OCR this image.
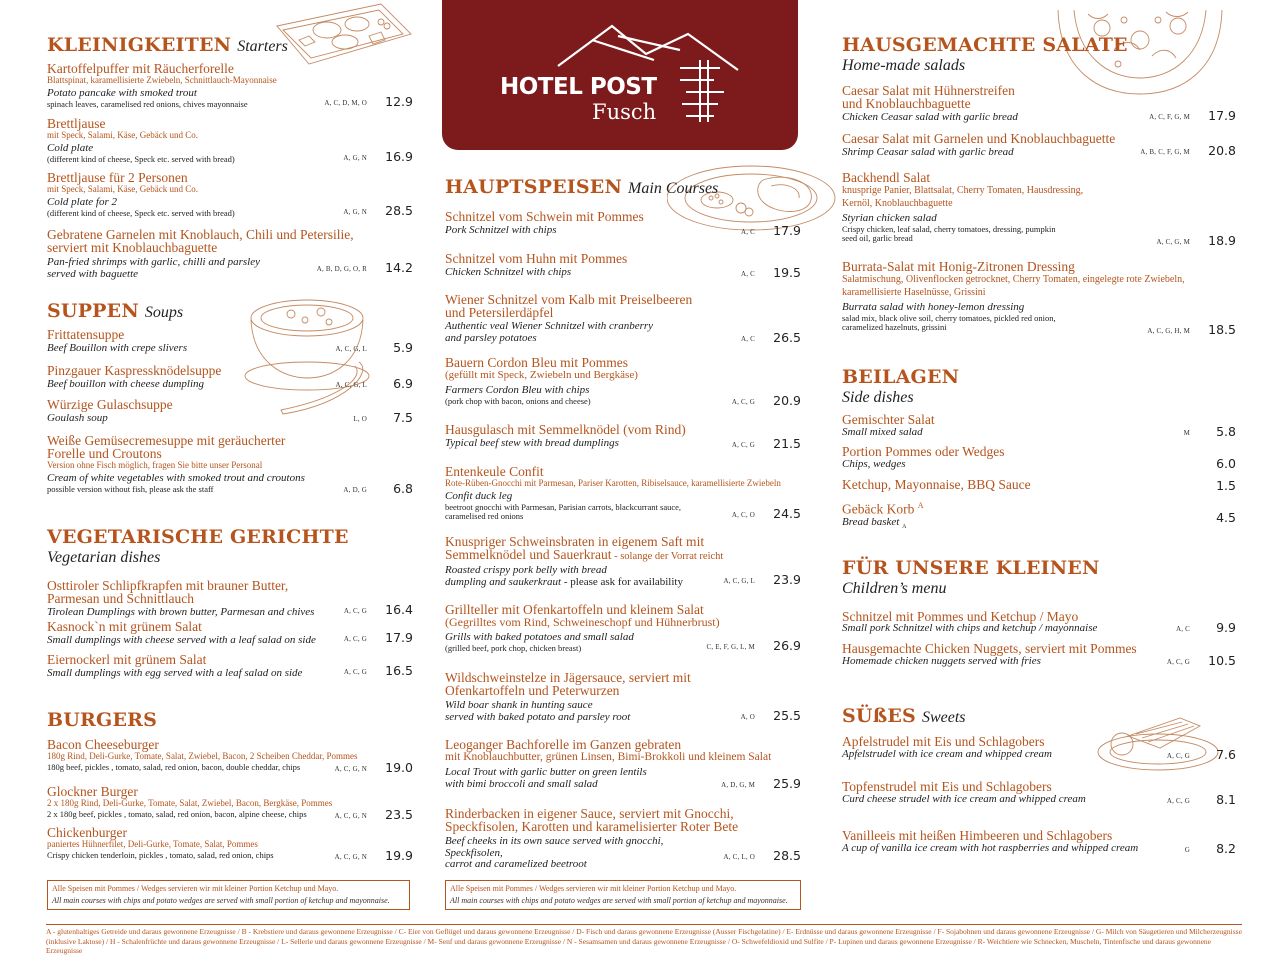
KLEINIGKEITEN Starters
Kartoffelpuffer mit Räucherforelle
Blattspinat, karamellisierte Zwiebeln, Schnittlauch-Mayonnaise
Potato pancake with smoked trout
spinach leaves, caramelised red onions, chives mayonnaise	A, C, D, M, O 12.9
Brettljause
mit Speck, Salami, Käse, Gebäck und Co.
Cold plate
(different kind of cheese, Speck etc. served with bread)	A, G, N 16.9
Brettljause für 2 Personen
mit Speck, Salami, Käse, Gebäck und Co.
Cold plate for 2
(different kind of cheese, Speck etc. served with bread)	A, G, N 28.5
Gebratene Garnelen mit Knoblauch, Chili und Petersilie,
serviert mit Knoblauchbaguette
Pan-fried shrimps with garlic, chilli and parsley
served with baguette	A, B, D, G, O, R 14.2
SUPPEN Soups
Frittatensuppe
Beef Bouillon with crepe slivers	A, C, G, L 5.9
Pinzgauer Kaspressknödelsuppe
Beef bouillon with cheese dumpling	A, C, G, L 6.9
Würzige Gulaschsuppe
Goulash soup	L, O 7.5
Weiße Gemüsecremesuppe mit geräucherter
Forelle und Croutons
Version ohne Fisch möglich, fragen Sie bitte unser Personal
Cream of white vegetables with smoked trout and croutons
possible version without fish, please ask the staff	A, D, G 6.8
VEGETARISCHE GERICHTE
Vegetarian dishes
Osttiroler Schlipfkrapfen mit brauner Butter,
Parmesan und Schnittlauch
Tirolean Dumplings with brown butter, Parmesan and chives	A, C, G 16.4
Kasnock`n mit grünem Salat
Small dumplings with cheese served with a leaf salad on side	A, C, G 17.9
Eiernockerl mit grünem Salat
Small dumplings with egg served with a leaf salad on side	A, C, G 16.5
BURGERS
Bacon Cheeseburger
180g Rind, Deli-Gurke, Tomate, Salat, Zwiebel, Bacon, 2 Scheiben Cheddar, Pommes
180g beef, pickles , tomato, salad, red onion, bacon, double cheddar, chips	A, C, G, N 19.0
Glockner Burger
2 x 180g Rind, Deli-Gurke, Tomate, Salat, Zwiebel, Bacon, Bergkäse, Pommes
2 x 180g beef, pickles , tomato, salad, red onion, bacon, alpine cheese, chips	A, C, G, N 23.5
Chickenburger
paniertes Hühnerfilet, Deli-Gurke, Tomate, Salat, Pommes
Crispy chicken tenderloin, pickles , tomato, salad, red onion, chips	A, C, G, N 19.9
Alle Speisen mit Pommes / Wedges servieren wir mit kleiner Portion Ketchup und Mayo.
All main courses with chips and potato wedges are served with small portion of ketchup and mayonnaise.
HOTEL POST
Fusch
HAUPTSPEISEN Main Courses
Schnitzel vom Schwein mit Pommes
Pork Schnitzel with chips	A, C 17.9
Schnitzel vom Huhn mit Pommes
Chicken Schnitzel with chips	A, C 19.5
Wiener Schnitzel vom Kalb mit Preiselbeeren
und Petersilerdäpfel
Authentic veal Wiener Schnitzel with cranberry
and parsley potatoes	A, C 26.5
Bauern Cordon Bleu mit Pommes
(gefüllt mit Speck, Zwiebeln und Bergkäse)
Farmers Cordon Bleu with chips
(pork chop with bacon, onions and cheese)	A, C, G 20.9
Hausgulasch mit Semmelknödel (vom Rind)
Typical beef stew with bread dumplings	A, C, G 21.5
Entenkeule Confit
Rote-Rüben-Gnocchi mit Parmesan, Pariser Karotten, Ribiselsauce, karamellisierte Zwiebeln
Confit duck leg
beetroot gnocchi with Parmesan, Parisian carrots, blackcurrant sauce,
caramelised red onions	A, C, O 24.5
Knuspriger Schweinsbraten in eigenem Saft mit
Semmelknödel und Sauerkraut - solange der Vorrat reicht
Roasted crispy pork belly with bread
dumpling and saukerkraut - please ask for availability	A, C, G, L 23.9
Grillteller mit Ofenkartoffeln und kleinem Salat
(Gegrilltes vom Rind, Schweineschopf und Hühnerbrust)
Grills with baked potatoes and small salad
(grilled beef, pork chop, chicken breast)	C, E, F, G, L, M 26.9
Wildschweinstelze in Jägersauce, serviert mit
Ofenkartoffeln und Peterwurzen
Wild boar shank in hunting sauce
served with baked potato and parsley root	A, O 25.5
Leoganger Bachforelle im Ganzen gebraten
mit Knoblauchbutter, grünen Linsen, Bimi-Brokkoli und kleinem Salat
Local Trout with garlic butter on green lentils
with bimi broccoli and small salad	A, D, G, M 25.9
Rinderbacken in eigener Sauce, serviert mit Gnocchi,
Speckfisolen, Karotten und karamelisierter Roter Bete
Beef cheeks in its own sauce served with gnocchi, Speckfisolen,
carrot and caramelized beetroot
A, C, L, O 28.5
Alle Speisen mit Pommes / Wedges servieren wir mit kleiner Portion Ketchup und Mayo.
All main courses with chips and potato wedges are served with small portion of ketchup and mayonnaise.
HAUSGEMACHTE SALATE
Home-made salads
Caesar Salat mit Hühnerstreifen
und Knoblauchbaguette
Chicken Ceasar salad with garlic bread	A, C, F, G, M 17.9
Caesar Salat mit Garnelen und Knoblauchbaguette
Shrimp Ceasar salad with garlic bread	A, B, C, F, G, M 20.8
Backhendl Salat
knusprige Panier, Blattsalat, Cherry Tomaten, Hausdressing,
Kernöl, Knoblauchbaguette
Styrian chicken salad
Crispy chicken, leaf salad, cherry tomatoes, dressing, pumpkin
seed oil, garlic bread	A, C, G, M 18.9
Burrata-Salat mit Honig-Zitronen Dressing
Salatmischung, Olivenflocken getrocknet, Cherry Tomaten, eingelegte rote Zwiebeln,
karamellisierte Haselnüsse, Grissini
Burrata salad with honey-lemon dressing
salad mix, black olive soil, cherry tomatoes, pickled red onion,
caramelized hazelnuts, grissini	A, C, G, H, M 18.5
BEILAGEN
Side dishes
Gemischter Salat
Small mixed salad	M 5.8
Portion Pommes oder Wedges
Chips, wedges	6.0
Ketchup, Mayonnaise, BBQ Sauce	1.5
Gebäck Korb $^A$
Bread basket $_A$
4.5
FÜR UNSERE KLEINEN
Children’s menu
Schnitzel mit Pommes und Ketchup / Mayo
Small pork Schnitzel with chips and ketchup / mayonnaise	A, C 9.9
Hausgemachte Chicken Nuggets, serviert mit Pommes
Homemade chicken nuggets served with fries	A, C, G 10.5
SÜßES Sweets
Apfelstrudel mit Eis und Schlagobers
Apfelstrudel with ice cream and whipped cream	A, C, G 7.6
Topfenstrudel mit Eis und Schlagobers
Curd cheese strudel with ice cream and whipped cream	A, C, G 8.1
Vanilleeis mit heißen Himbeeren und Schlagobers
A cup of vanilla ice cream with hot raspberries and whipped cream	G 8.2
A - glutenhaltiges Getreide und daraus gewonnene Erzeugnisse / B - Krebstiere und daraus gewonnene Erzeugnisse / C- Eier von Geflügel und daraus gewonnene Erzeugnisse / D- Fisch und daraus gewonnene Erzeugnisse (Ausser Fischgelatine) / E- Erdnüsse und daraus gewonnene Erzeugnisse / F- Sojabohnen und daraus gewonnene Erzeugnisse / G- Milch von Säugetieren und Milcherzeugnisse (inklusive Laktose) / H - Schalenfrüchte und daraus gewonnene Erzeugnisse / L- Sellerie und daraus gewonnene Erzeugnisse / M- Senf und daraus gewonnene Erzeugnisse / N - Sesamsamen und daraus gewonnene Erzeugnisse / O- Schwefeldioxid und Sulfite / P- Lupinen und daraus gewonnene Erzeugnisse / R- Weichtiere wie Schnecken, Muscheln, Tintenfische und daraus gewonnene Erzeugnisse
